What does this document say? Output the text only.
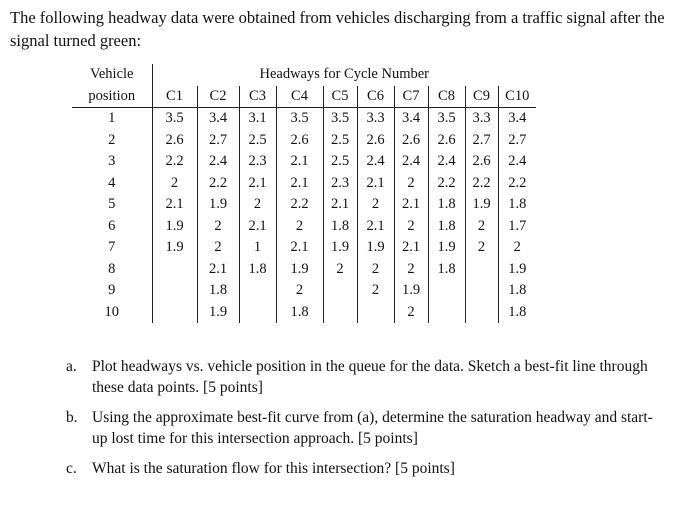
The following headway data were obtained from vehicles discharging from a traffic signal after the signal turned green:

Vehicle	Headways for Cycle Number									
position	C1	C2	C3	C4	C5	C6	C7	C8	C9	C10
1	3.5	3.4	3.1	3.5	3.5	3.3	3.4	3.5	3.3	3.4
2	2.6	2.7	2.5	2.6	2.5	2.6	2.6	2.6	2.7	2.7
3	2.2	2.4	2.3	2.1	2.5	2.4	2.4	2.4	2.6	2.4
4	2	2.2	2.1	2.1	2.3	2.1	2	2.2	2.2	2.2
5	2.1	1.9	2	2.2	2.1	2	2.1	1.8	1.9	1.8
6	1.9	2	2.1	2	1.8	2.1	2	1.8	2	1.7
7	1.9	2	1	2.1	1.9	1.9	2.1	1.9	2	2
8		2.1	1.8	1.9	2	2	2	1.8		1.9
9		1.8		2		2	1.9			1.8
10		1.9		1.8			2			1.8
a. Plot headways vs. vehicle position in the queue for the data. Sketch a best-fit line through these data points. [5 points]
b. Using the approximate best-fit curve from (a), determine the saturation headway and start-up lost time for this intersection approach. [5 points]
c. What is the saturation flow for this intersection? [5 points]
